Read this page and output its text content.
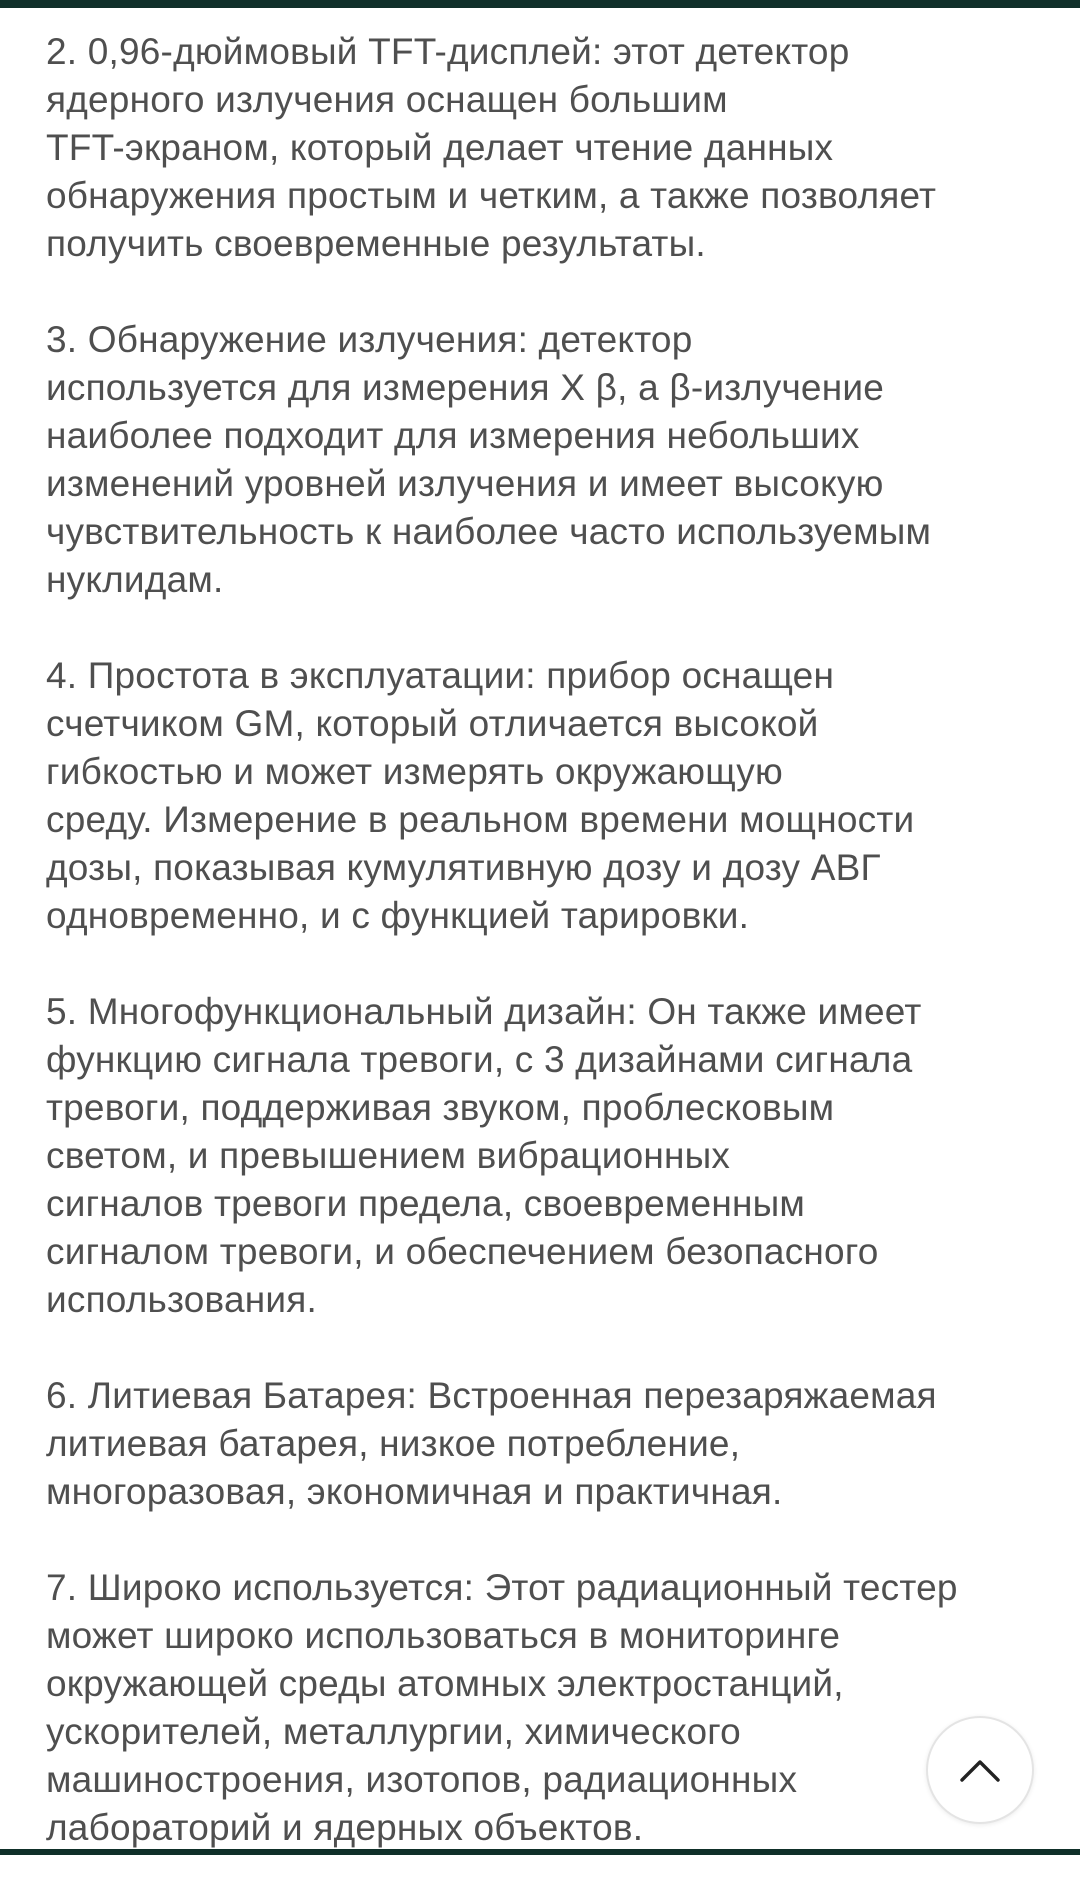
2. 0,96-дюймовый TFT-дисплей: этот детектор
ядерного излучения оснащен большим
TFT-экраном, который делает чтение данных
обнаружения простым и четким, а также позволяет
получить своевременные результаты.

3. Обнаружение излучения: детектор
используется для измерения X β, а β-излучение
наиболее подходит для измерения небольших
изменений уровней излучения и имеет высокую
чувствительность к наиболее часто используемым
нуклидам.

4. Простота в эксплуатации: прибор оснащен
счетчиком GM, который отличается высокой
гибкостью и может измерять окружающую
среду. Измерение в реальном времени мощности
дозы, показывая кумулятивную дозу и дозу АВГ
одновременно, и с функцией тарировки.

5. Многофункциональный дизайн: Он также имеет
функцию сигнала тревоги, с 3 дизайнами сигнала
тревоги, поддерживая звуком, проблесковым
светом, и превышением вибрационных
сигналов тревоги предела, своевременным
сигналом тревоги, и обеспечением безопасного
использования.

6. Литиевая Батарея: Встроенная перезаряжаемая
литиевая батарея, низкое потребление,
многоразовая, экономичная и практичная.

7. Широко используется: Этот радиационный тестер
может широко использоваться в мониторинге
окружающей среды атомных электростанций,
ускорителей, металлургии, химического
машиностроения, изотопов, радиационных
лабораторий и ядерных объектов.
